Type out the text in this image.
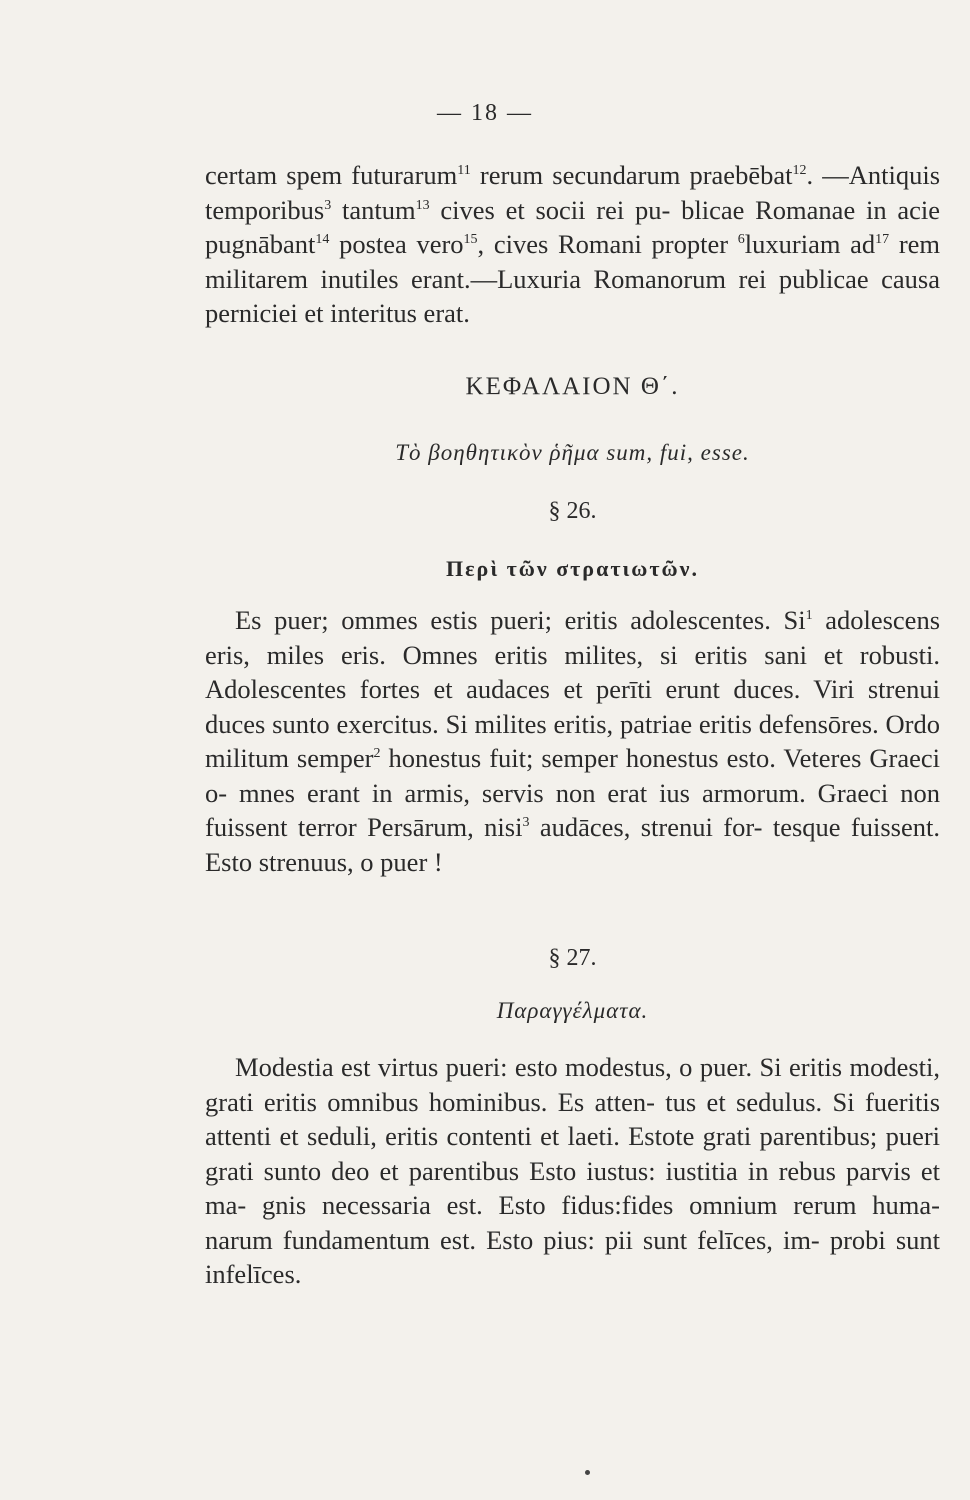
— 18 —

certam spem futurarum$^{11}$ rerum secundarum praebēbat$^{12}$. —Antiquis temporibus$^3$ tantum$^{13}$ cives et socii rei pu- blicae Romanae in acie pugnābant$^{14}$ postea vero$^{15}$, cives Romani propter $^6$luxuriam $ad^{17}$ rem militarem inutiles erant.—Luxuria Romanorum rei publicae causa perniciei et interitus erat.

ΚΕΦΑΛΑΙΟΝ Θ΄.
Τὸ βοηθητικὸν ῥῆμα sum, fui, esse.
§ 26.
Περὶ τῶν στρατιωτῶν.

Es puer; ommes estis pueri; eritis adolescentes. Si$^1$ adolescens eris, miles eris. Omnes eritis milites, si eritis sani et robusti. Adolescentes fortes et audaces et perīti erunt duces. Viri strenui duces sunto exercitus. Si milites eritis, patriae eritis defensōres. Ordo militum semper$^2$ honestus fuit; semper honestus esto. Veteres Graeci o- mnes erant in armis, servis non erat ius armorum. Graeci non fuissent terror Persārum, nisi$^3$ audāces, strenui for- tesque fuissent. Esto strenuus, o puer !

§ 27.
Παραγγέλματα.

Modestia est virtus pueri: esto modestus, o puer. Si eritis modesti, grati eritis omnibus hominibus. Es atten- tus et sedulus. Si fueritis attenti et seduli, eritis contenti et laeti. Estote grati parentibus; pueri grati sunto deo et parentibus Esto iustus: iustitia in rebus parvis et ma- gnis necessaria est. Esto fidus:fides omnium rerum huma- narum fundamentum est. Esto pius: pii sunt felīces, im- probi sunt infelīces.
